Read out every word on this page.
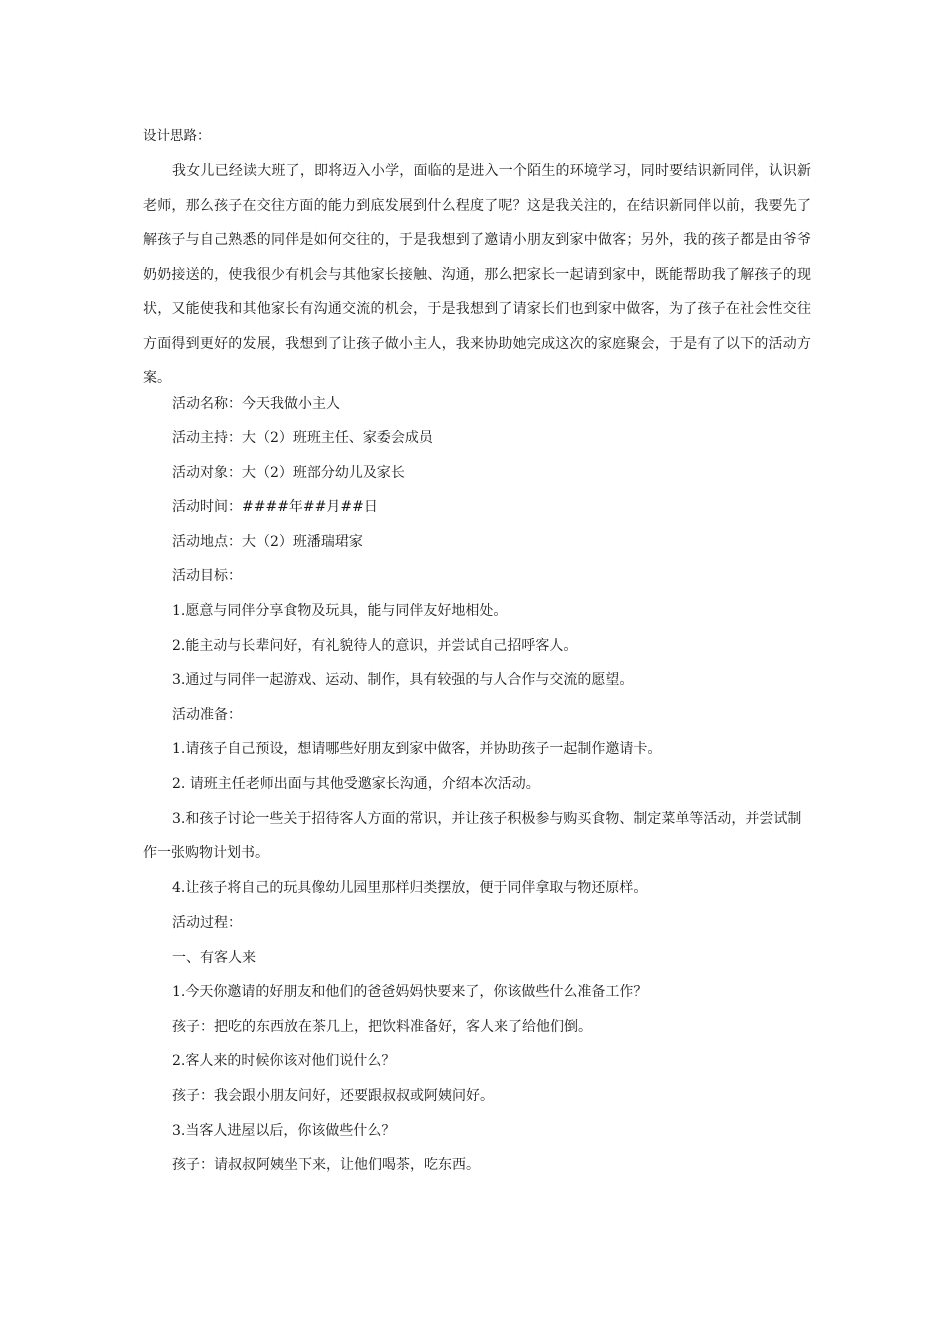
设计思路：
我女儿已经读大班了，即将迈入小学，面临的是进入一个陌生的环境学习，同时要结识新同伴，认识新老师，那么孩子在交往方面的能力到底发展到什么程度了呢？这是我关注的，在结识新同伴以前，我要先了解孩子与自己熟悉的同伴是如何交往的，于是我想到了邀请小朋友到家中做客；另外，我的孩子都是由爷爷奶奶接送的，使我很少有机会与其他家长接触、沟通，那么把家长一起请到家中，既能帮助我了解孩子的现状，又能使我和其他家长有沟通交流的机会，于是我想到了请家长们也到家中做客，为了孩子在社会性交往方面得到更好的发展，我想到了让孩子做小主人，我来协助她完成这次的家庭聚会，于是有了以下的活动方案。
活动名称：今天我做小主人
活动主持：大（2）班班主任、家委会成员
活动对象：大（2）班部分幼儿及家长
活动时间：####年##月##日
活动地点：大（2）班潘瑞珺家
活动目标：
1.愿意与同伴分享食物及玩具，能与同伴友好地相处。
2.能主动与长辈问好，有礼貌待人的意识，并尝试自己招呼客人。
3.通过与同伴一起游戏、运动、制作，具有较强的与人合作与交流的愿望。
活动准备：
1.请孩子自己预设，想请哪些好朋友到家中做客，并协助孩子一起制作邀请卡。
2. 请班主任老师出面与其他受邀家长沟通，介绍本次活动。
3.和孩子讨论一些关于招待客人方面的常识，并让孩子积极参与购买食物、制定菜单等活动，并尝试制作一张购物计划书。
4.让孩子将自己的玩具像幼儿园里那样归类摆放，便于同伴拿取与物还原样。
活动过程：
一、有客人来
1.今天你邀请的好朋友和他们的爸爸妈妈快要来了，你该做些什么准备工作？
孩子：把吃的东西放在茶几上，把饮料准备好，客人来了给他们倒。
2.客人来的时候你该对他们说什么？
孩子：我会跟小朋友问好，还要跟叔叔或阿姨问好。
3.当客人进屋以后，你该做些什么？
孩子：请叔叔阿姨坐下来，让他们喝茶，吃东西。
